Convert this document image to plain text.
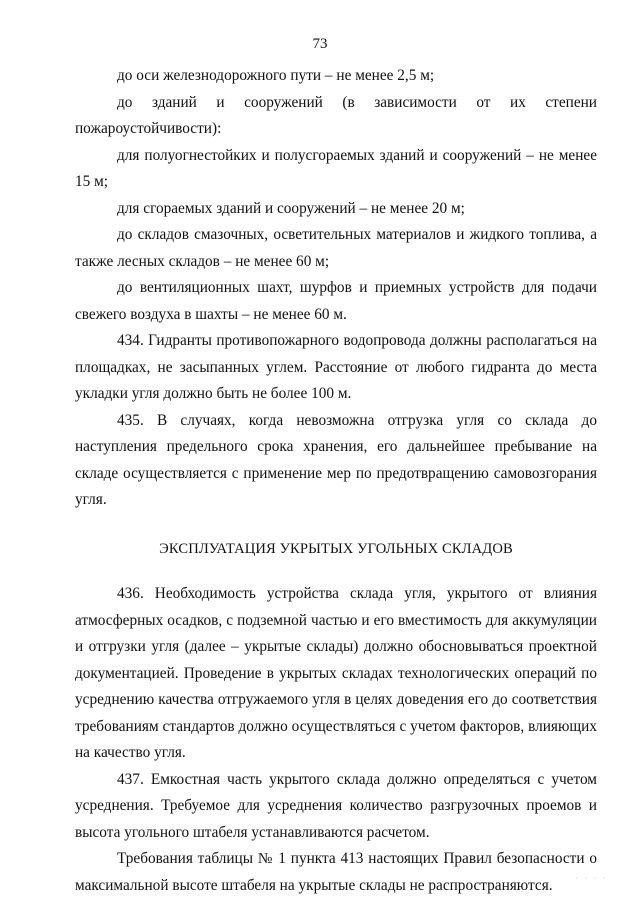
73

до оси железнодорожного пути – не менее 2,5 м;

до зданий и сооружений (в зависимости от их степени пожароустойчивости):

для полуогнестойких и полусгораемых зданий и сооружений – не менее 15 м;

для сгораемых зданий и сооружений – не менее 20 м;

до складов смазочных, осветительных материалов и жидкого топлива, а также лесных складов – не менее 60 м;

до вентиляционных шахт, шурфов и приемных устройств для подачи свежего воздуха в шахты – не менее 60 м.

434. Гидранты противопожарного водопровода должны располагаться на площадках, не засыпанных углем. Расстояние от любого гидранта до места укладки угля должно быть не более 100 м.

435. В случаях, когда невозможна отгрузка угля со склада до наступления предельного срока хранения, его дальнейшее пребывание на складе осуществляется с применение мер по предотвращению самовозгорания угля.

ЭКСПЛУАТАЦИЯ УКРЫТЫХ УГОЛЬНЫХ СКЛАДОВ

436. Необходимость устройства склада угля, укрытого от влияния атмосферных осадков, с подземной частью и его вместимость для аккумуляции и отгрузки угля (далее – укрытые склады) должно обосновываться проектной документацией. Проведение в укрытых складах технологических операций по усреднению качества отгружаемого угля в целях доведения его до соответствия требованиям стандартов должно осуществляться с учетом факторов, влияющих на качество угля.

437. Емкостная часть укрытого склада должно определяться с учетом усреднения. Требуемое для усреднения количество разгрузочных проемов и высота угольного штабеля устанавливаются расчетом.

Требования таблицы № 1 пункта 413 настоящих Правил безопасности о максимальной высоте штабеля на укрытые склады не распространяются.	· · · ·
